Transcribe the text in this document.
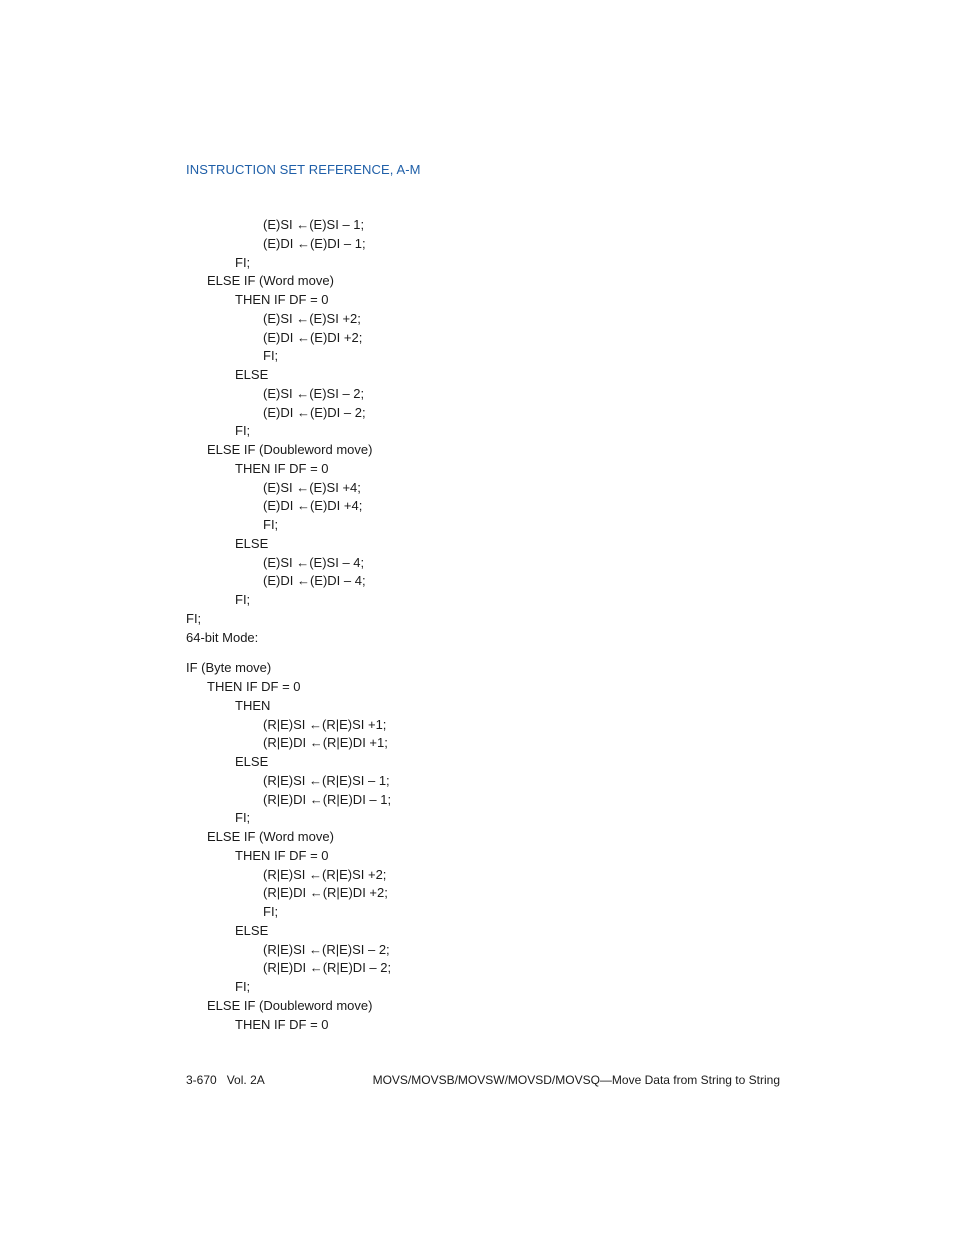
INSTRUCTION SET REFERENCE, A-M
(E)SI ←(E)SI – 1;
(E)DI ←(E)DI – 1;
FI;
ELSE IF (Word move)
THEN IF DF = 0
(E)SI ←(E)SI +2;
(E)DI ←(E)DI +2;
FI;
ELSE
(E)SI ←(E)SI – 2;
(E)DI ←(E)DI – 2;
FI;
ELSE IF (Doubleword move)
THEN IF DF = 0
(E)SI ←(E)SI +4;
(E)DI ←(E)DI +4;
FI;
ELSE
(E)SI ←(E)SI – 4;
(E)DI ←(E)DI – 4;
FI;
FI;
64-bit Mode:
IF (Byte move)
THEN IF DF = 0
THEN
(R|E)SI ←(R|E)SI +1;
(R|E)DI ←(R|E)DI +1;
ELSE
(R|E)SI ←(R|E)SI – 1;
(R|E)DI ←(R|E)DI – 1;
FI;
ELSE IF (Word move)
THEN IF DF = 0
(R|E)SI ←(R|E)SI +2;
(R|E)DI ←(R|E)DI +2;
FI;
ELSE
(R|E)SI ←(R|E)SI – 2;
(R|E)DI ←(R|E)DI – 2;
FI;
ELSE IF (Doubleword move)
THEN IF DF = 0
3-670 Vol. 2A	MOVS/MOVSB/MOVSW/MOVSD/MOVSQ—Move Data from String to String
